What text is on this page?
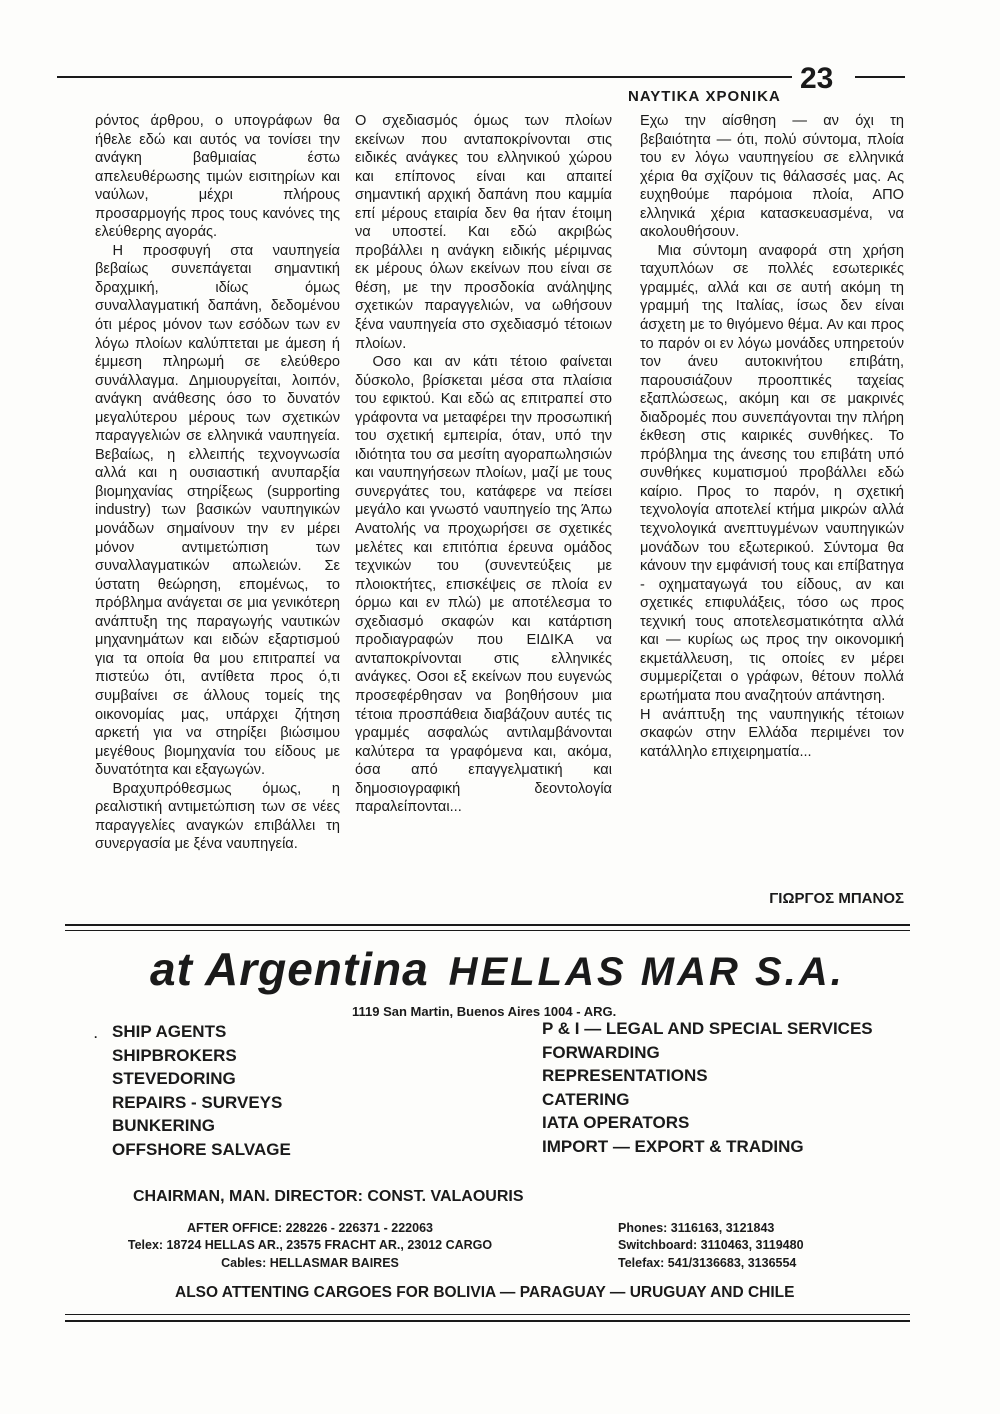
ΝΑΥΤΙΚΑ ΧΡΟΝΙΚΑ
23

ρόντος άρθρου, ο υπογράφων θα ήθελε εδώ και αυτός να τονίσει την ανάγκη βαθμιαίας έστω απελευθέρωσης τιμών εισιτηρίων και ναύλων, μέχρι πλήρους προσαρμογής προς τους κανόνες της ελεύθερης αγοράς.

Η προσφυγή στα ναυπηγεία βεβαίως συνεπάγεται σημαντική δραχμική, ιδίως όμως συναλλαγματική δαπάνη, δεδομένου ότι μέρος μόνον των εσόδων των εν λόγω πλοίων καλύπτεται με άμεση ή έμμεση πληρωμή σε ελεύθερο συνάλλαγμα. Δημιουργείται, λοιπόν, ανάγκη ανάθεσης όσο το δυνατόν μεγαλύτερου μέρους των σχετικών παραγγελιών σε ελληνικά ναυπηγεία. Βεβαίως, η ελλειπής τεχνογνωσία αλλά και η ουσιαστική ανυπαρξία βιομηχανίας στηρίξεως (supporting industry) των βασικών ναυπηγικών μονάδων σημαίνουν την εν μέρει μόνον αντιμετώπιση των συναλλαγματικών απωλειών. Σε ύστατη θεώρηση, επομένως, το πρόβλημα ανάγεται σε μια γενικότερη ανάπτυξη της παραγωγής ναυτικών μηχανημάτων και ειδών εξαρτισμού για τα οποία θα μου επιτραπεί να πιστεύω ότι, αντίθετα προς ό,τι συμβαίνει σε άλλους τομείς της οικονομίας μας, υπάρχει ζήτηση αρκετή για να στηρίξει βιώσιμου μεγέθους βιομηχανία του είδους με δυνατότητα και εξαγωγών.

Βραχυπρόθεσμως όμως, η ρεαλιστική αντιμετώπιση των σε νέες παραγγελίες αναγκών επιβάλλει τη συνεργασία με ξένα ναυπηγεία.

Ο σχεδιασμός όμως των πλοίων εκείνων που ανταποκρίνονται στις ειδικές ανάγκες του ελληνικού χώρου και επίπονος είναι και απαιτεί σημαντική αρχική δαπάνη που καμμία επί μέρους εταιρία δεν θα ήταν έτοιμη να υποστεί. Και εδώ ακριβώς προβάλλει η ανάγκη ειδικής μέριμνας εκ μέρους όλων εκείνων που είναι σε θέση, με την προσδοκία ανάληψης σχετικών παραγγελιών, να ωθήσουν ξένα ναυπηγεία στο σχεδιασμό τέτοιων πλοίων.

Οσο και αν κάτι τέτοιο φαίνεται δύσκολο, βρίσκεται μέσα στα πλαίσια του εφικτού. Και εδώ ας επιτραπεί στο γράφοντα να μεταφέρει την προσωπική του σχετική εμπειρία, όταν, υπό την ιδιότητα του σα μεσίτη αγοραπωλησιών και ναυπηγήσεων πλοίων, μαζί με τους συνεργάτες του, κατάφερε να πείσει μεγάλο και γνωστό ναυπηγείο της Άπω Ανατολής να προχωρήσει σε σχετικές μελέτες και επιτόπια έρευνα ομάδος τεχνικών του (συνεντεύξεις με πλοιοκτήτες, επισκέψεις σε πλοία εν όρμω και εν πλώ) με αποτέλεσμα το σχεδιασμό σκαφών και κατάρτιση προδιαγραφών που ΕΙΔΙΚΑ να ανταποκρίνονται στις ελληνικές ανάγκες. Οσοι εξ εκείνων που ευγενώς προσεφέρθησαν να βοηθήσουν μια τέτοια προσπάθεια διαβάζουν αυτές τις γραμμές ασφαλώς αντιλαμβάνονται καλύτερα τα γραφόμενα και, ακόμα, όσα από επαγγελματική και δημοσιογραφική δεοντολογία παραλείπονται...

Εχω την αίσθηση — αν όχι τη βεβαιότητα — ότι, πολύ σύντομα, πλοία του εν λόγω ναυπηγείου σε ελληνικά χέρια θα σχίζουν τις θάλασσές μας. Ας ευχηθούμε παρόμοια πλοία, ΑΠΟ ελληνικά χέρια κατασκευασμένα, να ακολουθήσουν.

Μια σύντομη αναφορά στη χρήση ταχυπλόων σε πολλές εσωτερικές γραμμές, αλλά και σε αυτή ακόμη τη γραμμή της Ιταλίας, ίσως δεν είναι άσχετη με το θιγόμενο θέμα. Αν και προς το παρόν οι εν λόγω μονάδες υπηρετούν τον άνευ αυτοκινήτου επιβάτη, παρουσιάζουν προοπτικές ταχείας εξαπλώσεως, ακόμη και σε μακρινές διαδρομές που συνεπάγονται την πλήρη έκθεση στις καιρικές συνθήκες. Το πρόβλημα της άνεσης του επιβάτη υπό συνθήκες κυματισμού προβάλλει εδώ καίριο. Προς το παρόν, η σχετική τεχνολογία αποτελεί κτήμα μικρών αλλά τεχνολογικά ανεπτυγμένων ναυπηγικών μονάδων του εξωτερικού. Σύντομα θα κάνουν την εμφάνισή τους και επίβατηγα - οχηματαγωγά του είδους, αν και σχετικές επιφυλάξεις, τόσο ως προς τεχνική τους αποτελεσματικότητα αλλά και — κυρίως ως προς την οικονομική εκμετάλλευση, τις οποίες εν μέρει συμμερίζεται ο γράφων, θέτουν πολλά ερωτήματα που αναζητούν απάντηση.

Η ανάπτυξη της ναυπηγικής τέτοιων σκαφών στην Ελλάδα περιμένει τον κατάλληλο επιχειρηματία...

ΓΙΩΡΓΟΣ ΜΠΑΝΟΣ
at Argentina HELLAS MAR S.A.
1119 San Martin, Buenos Aires 1004 - ARG.
· SHIP AGENTS
SHIPBROKERS
STEVEDORING
REPAIRS - SURVEYS
BUNKERING
OFFSHORE SALVAGE
P & I — LEGAL AND SPECIAL SERVICES
FORWARDING
REPRESENTATIONS
CATERING
IATA OPERATORS
IMPORT — EXPORT & TRADING
CHAIRMAN, MAN. DIRECTOR: CONST. VALAOURIS
AFTER OFFICE: 228226 - 226371 - 222063
Telex: 18724 HELLAS AR., 23575 FRACHT AR., 23012 CARGO
Cables: HELLASMAR BAIRES
Phones: 3116163, 3121843
Switchboard: 3110463, 3119480
Telefax: 541/3136683, 3136554
ALSO ATTENTING CARGOES FOR BOLIVIA — PARAGUAY — URUGUAY AND CHILE
